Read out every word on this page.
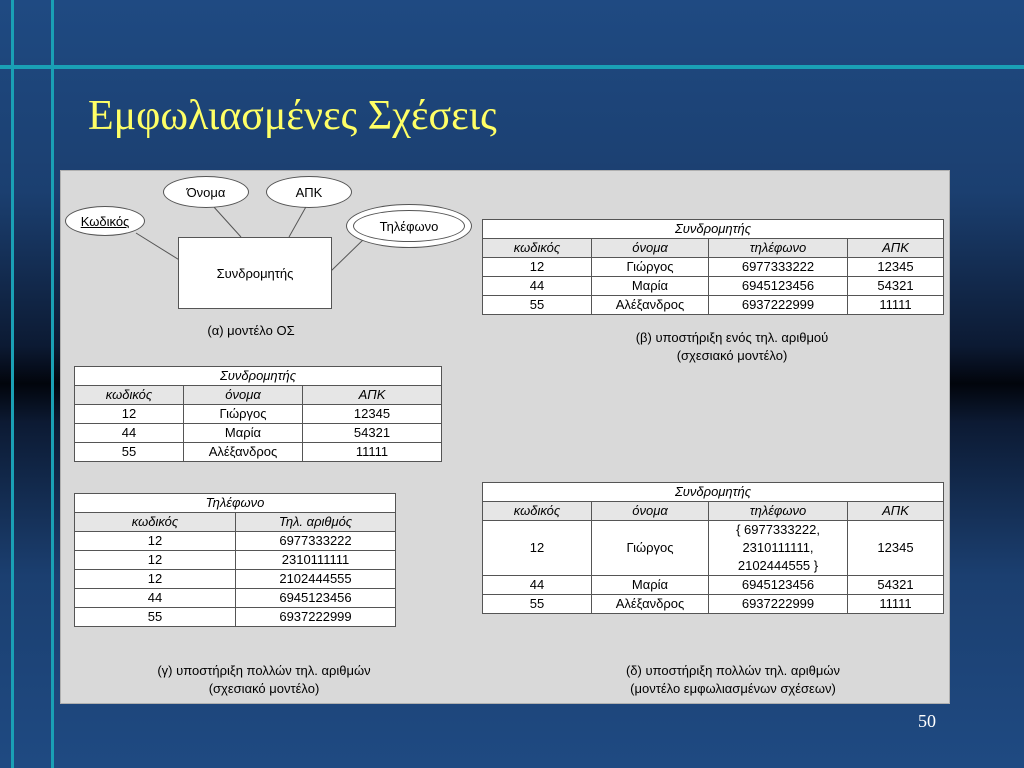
Εμφωλιασμένες Σχέσεις
Όνομα	ΑΠΚ
Κωδικός	Τηλέφωνο
Συνδρομητής
(α) μοντέλο ΟΣ
Συνδρομητής			
κωδικός	όνομα	τηλέφωνο	ΑΠΚ
12	Γιώργος	6977333222	12345
44	Μαρία	6945123456	54321
55	Αλέξανδρος	6937222999	11111
(β) υποστήριξη ενός τηλ. αριθμού
(σχεσιακό μοντέλο)
Συνδρομητής		
κωδικός	όνομα	ΑΠΚ
12	Γιώργος	12345
44	Μαρία	54321
55	Αλέξανδρος	11111
Τηλέφωνο	
κωδικός	Τηλ. αριθμός
12	6977333222
12	2310111111
12	2102444555
44	6945123456
55	6937222999
(γ) υποστήριξη πολλών τηλ. αριθμών
(σχεσιακό μοντέλο)
Συνδρομητής			
κωδικός	όνομα	τηλέφωνο	ΑΠΚ
12	Γιώργος	{ 6977333222,
2310111111,
2102444555 }	12345
44	Μαρία	6945123456	54321
55	Αλέξανδρος	6937222999	11111
(δ) υποστήριξη πολλών τηλ. αριθμών
(μοντέλο εμφωλιασμένων σχέσεων)
50
